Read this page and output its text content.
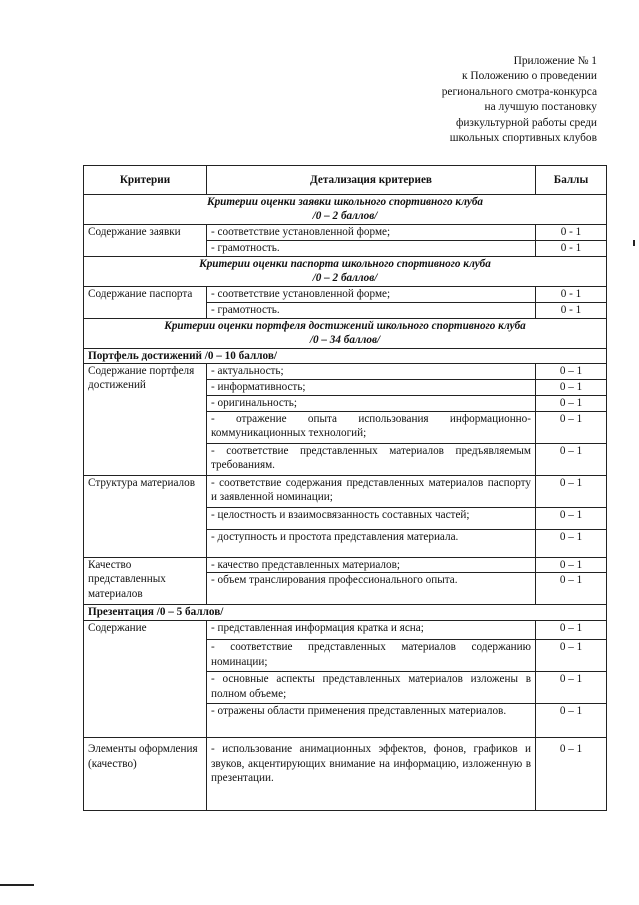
Приложение № 1
к Положению о проведении
регионального смотра-конкурса
на лучшую постановку
физкультурной работы среди
школьных спортивных клубов
Критерии	Детализация критериев	Баллы

Критерии оценки заявки школьного спортивного клуба
/0 – 2 баллов/		

Содержание заявки	- соответствие установленной форме;	0 - 1
	- грамотность.	0 - 1

Критерии оценки паспорта школьного спортивного клуба
/0 – 2 баллов/		

Содержание паспорта	- соответствие установленной форме;	0 - 1
	- грамотность.	0 - 1

Критерии оценки портфеля достижений школьного спортивного клуба
/0 – 34 баллов/		

Портфель достижений /0 – 10 баллов/		
Содержание портфеля достижений	- актуальность;	0 – 1
	- информативность;	0 – 1
	- оригинальность;	0 – 1
	- отражение опыта использования информационно-коммуникационных технологий;	0 – 1
	- соответствие представленных материалов предъявляемым требованиям.	0 – 1
Структура материалов	- соответствие содержания представленных материалов паспорту и заявленной номинации;	0 – 1
	- целостность и взаимосвязанность составных частей;	0 – 1
	- доступность и простота представления материала.	0 – 1
Качество представленных материалов	- качество представленных материалов;	0 – 1
	- объем транслирования профессионального опыта.	0 – 1
Презентация /0 – 5 баллов/		
Содержание	- представленная информация кратка и ясна;	0 – 1
	- соответствие представленных материалов содержанию номинации;	0 – 1
	- основные аспекты представленных материалов изложены в полном объеме;	0 – 1
	- отражены области применения представленных материалов.	0 – 1
Элементы оформления (качество)	- использование анимационных эффектов, фонов, графиков и звуков, акцентирующих внимание на информацию, изложенную в презентации.	0 – 1
